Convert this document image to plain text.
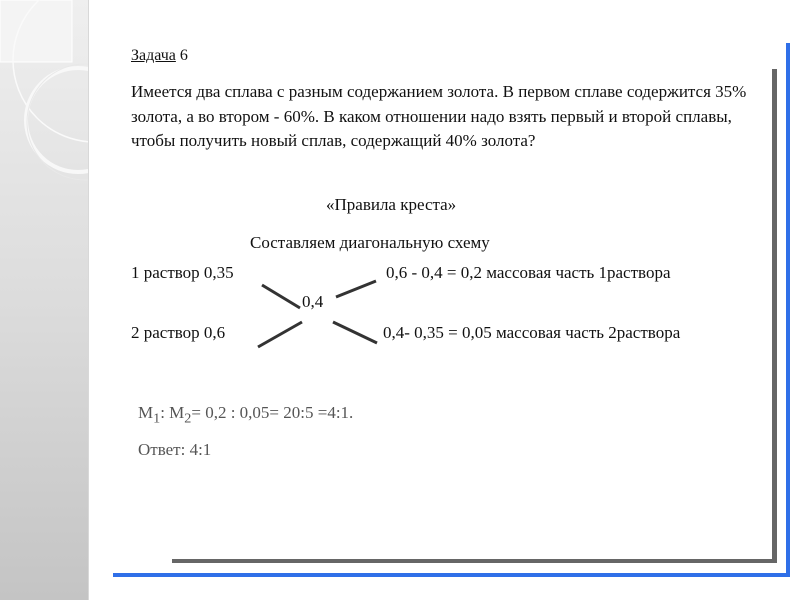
Задача 6
Имеется два сплава с разным содержанием золота. В первом сплаве содержится 35% золота, а во втором - 60%. В каком отношении надо взять первый и второй сплавы, чтобы получить новый сплав, содержащий 40% золота?
«Правила креста»
Составляем диагональную схему
1 раствор 0,35	0,6 - 0,4 = 0,2 массовая часть 1раствора
0,4
2 раствор 0,6	0,4- 0,35 = 0,05 массовая часть 2раствора
$M_1$: $M_2= 0,2$ : 0,05= 20:5 =4:1.
Ответ: 4:1
